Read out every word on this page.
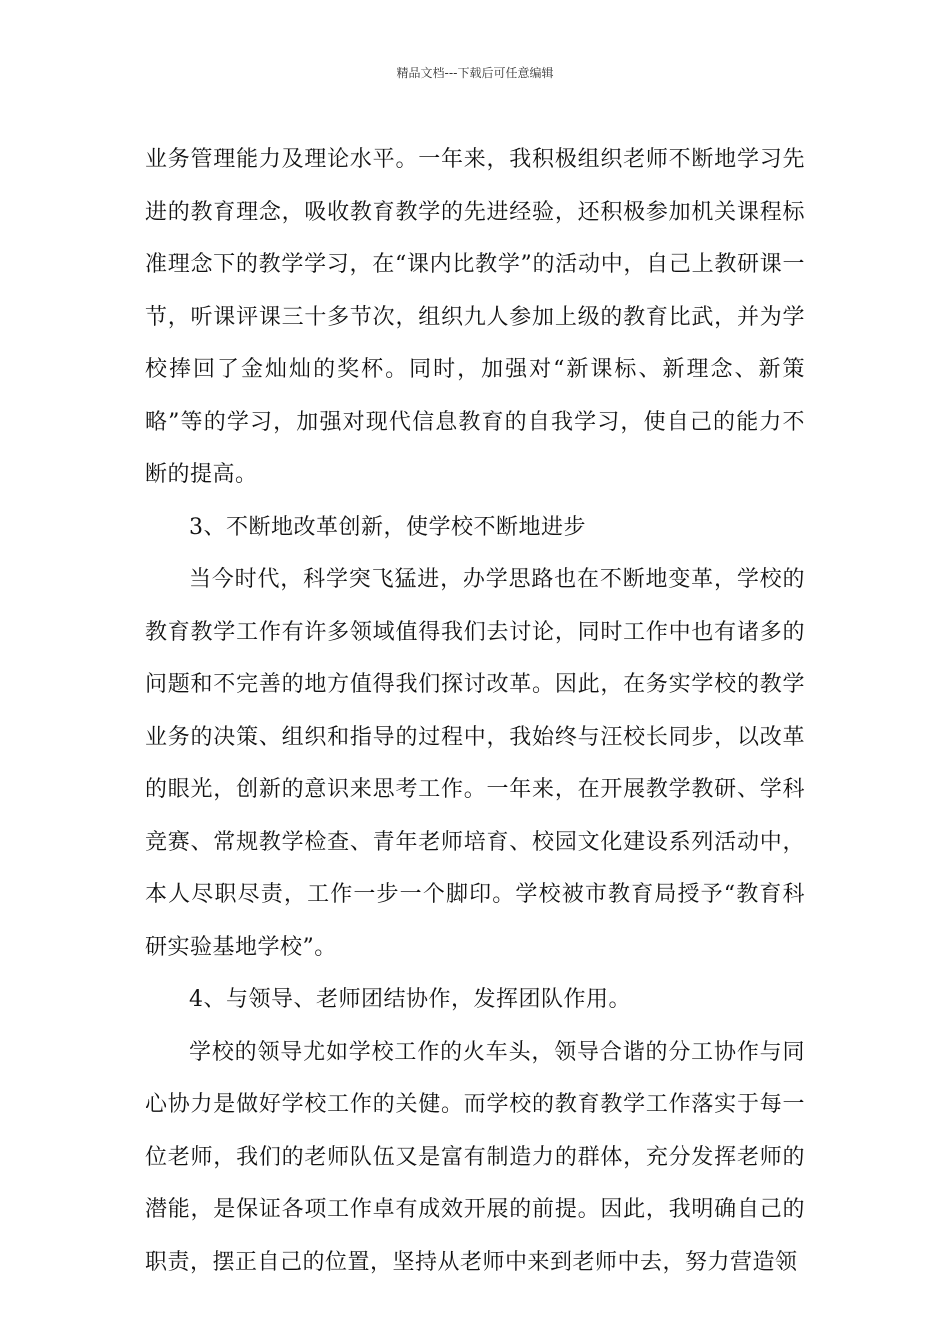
精品文档---下载后可任意编辑

业务管理能力及理论水平。一年来，我积极组织老师不断地学习先进的教育理念，吸收教育教学的先进经验，还积极参加机关课程标准理念下的教学学习，在“课内比教学”的活动中，自己上教研课一节，听课评课三十多节次，组织九人参加上级的教育比武，并为学校捧回了金灿灿的奖杯。同时，加强对“新课标、新理念、新策略”等的学习，加强对现代信息教育的自我学习，使自己的能力不断的提高。

3、不断地改革创新，使学校不断地进步

当今时代，科学突飞猛进，办学思路也在不断地变革，学校的教育教学工作有许多领域值得我们去讨论，同时工作中也有诸多的问题和不完善的地方值得我们探讨改革。因此，在务实学校的教学业务的决策、组织和指导的过程中，我始终与汪校长同步，以改革的眼光，创新的意识来思考工作。一年来，在开展教学教研、学科竞赛、常规教学检查、青年老师培育、校园文化建设系列活动中，本人尽职尽责，工作一步一个脚印。学校被市教育局授予“教育科研实验基地学校”。

4、与领导、老师团结协作，发挥团队作用。

学校的领导尤如学校工作的火车头，领导合谐的分工协作与同心协力是做好学校工作的关健。而学校的教育教学工作落实于每一位老师，我们的老师队伍又是富有制造力的群体，充分发挥老师的潜能，是保证各项工作卓有成效开展的前提。因此，我明确自己的职责，摆正自己的位置，坚持从老师中来到老师中去，努力营造领
